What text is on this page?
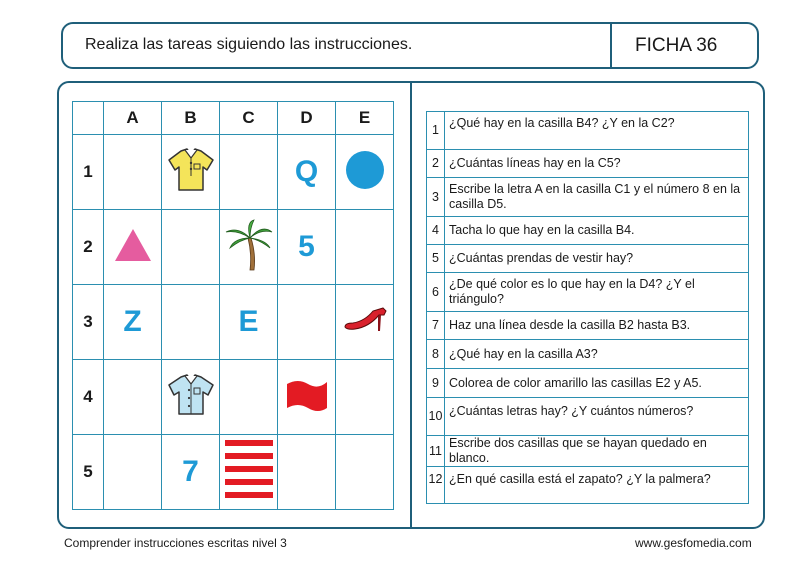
Realiza las tareas siguiendo las instrucciones.	FICHA 36
	A	B	C	D	E
1				Q	
2				5	
3	Z		E		
4					
5		7			
1	¿Qué hay en la casilla B4? ¿Y en la C2?
2	¿Cuántas líneas hay en la C5?
3	Escribe la letra A en la casilla C1 y el número 8 en la casilla D5.
4	Tacha lo que hay en la casilla B4.
5	¿Cuántas prendas de vestir hay?
6	¿De qué color es lo que hay en la D4? ¿Y el triángulo?
7	Haz una línea desde la casilla B2 hasta B3.
8	¿Qué hay en la casilla A3?
9	Colorea de color amarillo las casillas E2 y A5.
10	¿Cuántas letras hay? ¿Y cuántos números?
11	Escribe dos casillas que se hayan quedado en blanco.
12	¿En qué casilla está el zapato? ¿Y la palmera?
Comprender instrucciones escritas nivel 3	www.gesfomedia.com
